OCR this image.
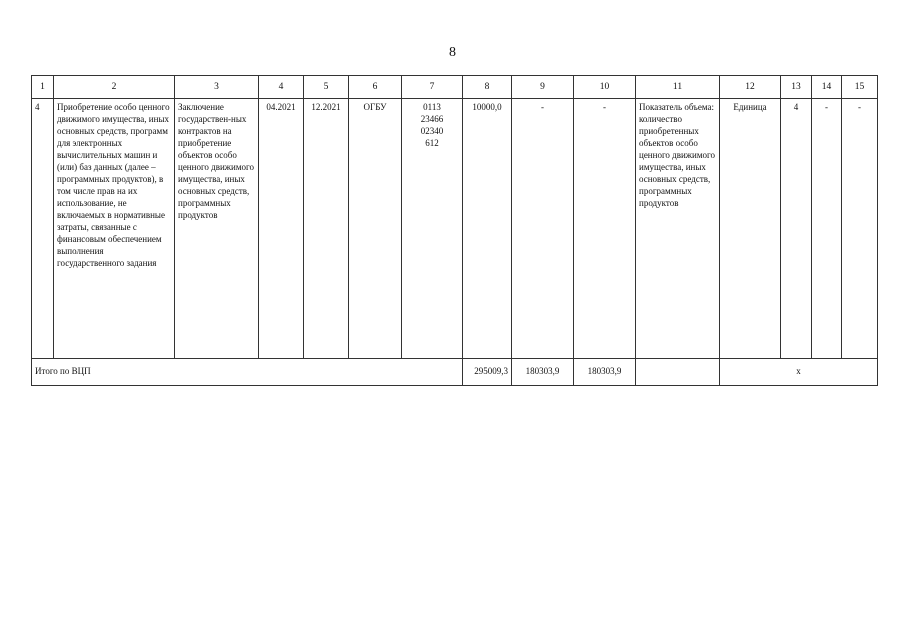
8
1	2	3	4	5	6	7	8	9	10	11	12	13	14	15
4	Приобретение особо ценного движимого имущества, иных основных средств, программ для электронных вычислительных машин и (или) баз данных (далее – программных продуктов), в том числе прав на их использование, не включаемых в нормативные затраты, связанные с финансовым обеспечением выполнения государственного задания	Заключение государствен-ных контрактов на приобретение объектов особо ценного движимого имущества, иных основных средств, программных продуктов	04.2021	12.2021	ОГБУ	0113 23466 02340 612	10000,0	-	-	Показатель объема: количество приобретенных объектов особо ценного движимого имущества, иных основных средств, программных продуктов	Единица	4	-	-
Итого по ВЦП							295009,3	180303,9	180303,9		х			
